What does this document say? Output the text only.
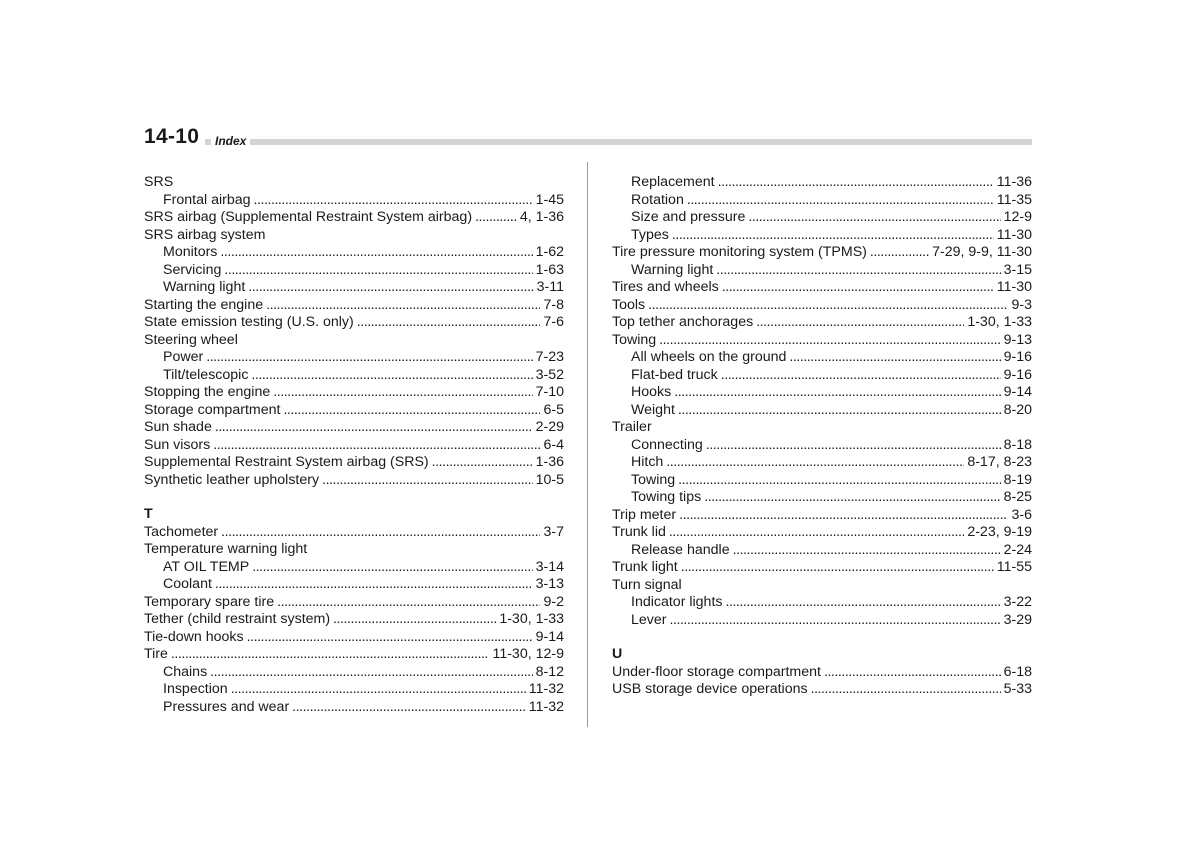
14-10	Index
SRS
Frontal airbag . . .	1-45
SRS airbag (Supplemental Restraint System airbag) . . .	4, 1-36
SRS airbag system
Monitors . . .	1-62
Servicing . . .	1-63
Warning light . . .	3-11
Starting the engine . . .	7-8
State emission testing (U.S. only) . . .	7-6
Steering wheel
Power . . .	7-23
Tilt/telescopic . . .	3-52
Stopping the engine . . .	7-10
Storage compartment . . .	6-5
Sun shade . . .	2-29
Sun visors . . .	6-4
Supplemental Restraint System airbag (SRS) . . .	1-36
Synthetic leather upholstery . . .	10-5
T
Tachometer . . .	3-7
Temperature warning light
AT OIL TEMP . . .	3-14
Coolant . . .	3-13
Temporary spare tire . . .	9-2
Tether (child restraint system) . . .	1-30, 1-33
Tie-down hooks . . .	9-14
Tire . . .	11-30, 12-9
Chains . . .	8-12
Inspection . . .	11-32
Pressures and wear . . .	11-32
Replacement . . .	11-36
Rotation . . .	11-35
Size and pressure . . .	12-9
Types . . .	11-30
Tire pressure monitoring system (TPMS) . . .	7-29, 9-9, 11-30
Warning light . . .	3-15
Tires and wheels . . .	11-30
Tools . . .	9-3
Top tether anchorages . . .	1-30, 1-33
Towing . . .	9-13
All wheels on the ground . . .	9-16
Flat-bed truck . . .	9-16
Hooks . . .	9-14
Weight . . .	8-20
Trailer
Connecting . . .	8-18
Hitch . . .	8-17, 8-23
Towing . . .	8-19
Towing tips . . .	8-25
Trip meter . . .	3-6
Trunk lid . . .	2-23, 9-19
Release handle . . .	2-24
Trunk light . . .	11-55
Turn signal
Indicator lights . . .	3-22
Lever . . .	3-29
U
Under-floor storage compartment . . .	6-18
USB storage device operations . . .	5-33
